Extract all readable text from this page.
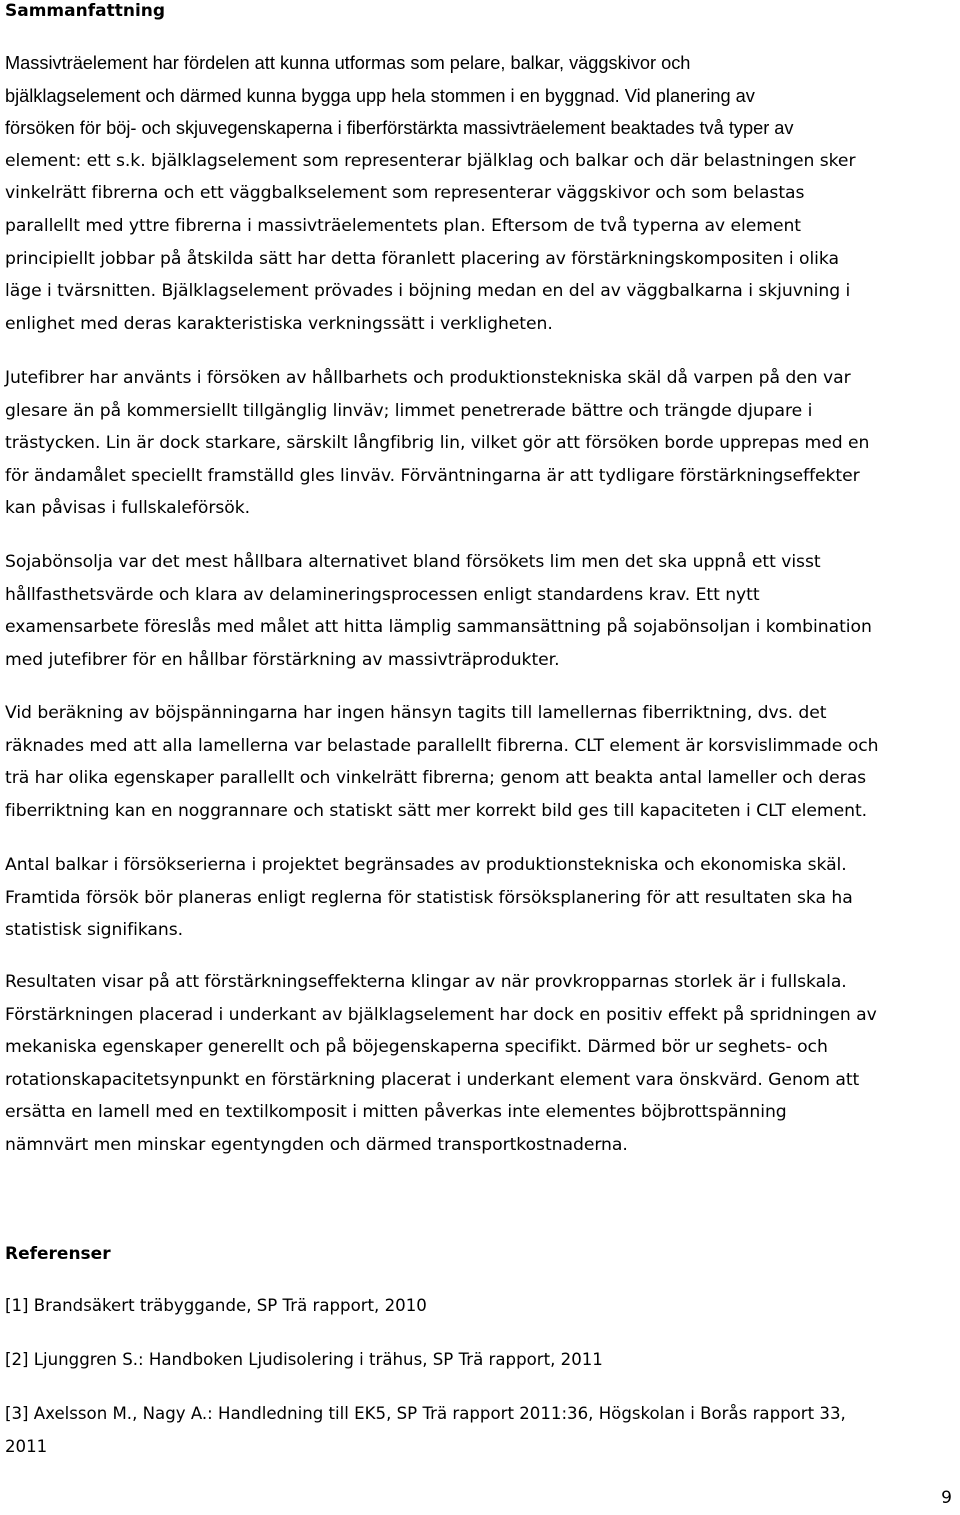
Sammanfattning

Massivträelement har fördelen att kunna utformas som pelare, balkar, väggskivor och
bjälklagselement och därmed kunna bygga upp hela stommen i en byggnad. Vid planering av
försöken för böj- och skjuvegenskaperna i fiberförstärkta massivträelement beaktades två typer av
element: ett s.k. bjälklagselement som representerar bjälklag och balkar och där belastningen sker
vinkelrätt fibrerna och ett väggbalkselement som representerar väggskivor och som belastas
parallellt med yttre fibrerna i massivträelementets plan. Eftersom de två typerna av element
principiellt jobbar på åtskilda sätt har detta föranlett placering av förstärkningskompositen i olika
läge i tvärsnitten. Bjälklagselement prövades i böjning medan en del av väggbalkarna i skjuvning i
enlighet med deras karakteristiska verkningssätt i verkligheten.

Jutefibrer har använts i försöken av hållbarhets och produktionstekniska skäl då varpen på den var
glesare än på kommersiellt tillgänglig linväv; limmet penetrerade bättre och trängde djupare i
trästycken. Lin är dock starkare, särskilt långfibrig lin, vilket gör att försöken borde upprepas med en
för ändamålet speciellt framställd gles linväv. Förväntningarna är att tydligare förstärkningseffekter
kan påvisas i fullskaleförsök.

Sojabönsolja var det mest hållbara alternativet bland försökets lim men det ska uppnå ett visst
hållfasthetsvärde och klara av delamineringsprocessen enligt standardens krav. Ett nytt
examensarbete föreslås med målet att hitta lämplig sammansättning på sojabönsoljan i kombination
med jutefibrer för en hållbar förstärkning av massivträprodukter.

Vid beräkning av böjspänningarna har ingen hänsyn tagits till lamellernas fiberriktning, dvs. det
räknades med att alla lamellerna var belastade parallellt fibrerna. CLT element är korsvislimmade och
trä har olika egenskaper parallellt och vinkelrätt fibrerna; genom att beakta antal lameller och deras
fiberriktning kan en noggrannare och statiskt sätt mer korrekt bild ges till kapaciteten i CLT element.

Antal balkar i försökserierna i projektet begränsades av produktionstekniska och ekonomiska skäl.
Framtida försök bör planeras enligt reglerna för statistisk försöksplanering för att resultaten ska ha
statistisk signifikans.

Resultaten visar på att förstärkningseffekterna klingar av när provkropparnas storlek är i fullskala.
Förstärkningen placerad i underkant av bjälklagselement har dock en positiv effekt på spridningen av
mekaniska egenskaper generellt och på böjegenskaperna specifikt. Därmed bör ur seghets- och
rotationskapacitetsynpunkt en förstärkning placerat i underkant element vara önskvärd. Genom att
ersätta en lamell med en textilkomposit i mitten påverkas inte elementes böjbrottspänning
nämnvärt men minskar egentyngden och därmed transportkostnaderna.

Referenser

[1] Brandsäkert träbyggande, SP Trä rapport, 2010

[2] Ljunggren S.: Handboken Ljudisolering i trähus, SP Trä rapport, 2011

[3] Axelsson M., Nagy A.: Handledning till EK5, SP Trä rapport 2011:36, Högskolan i Borås rapport 33,
2011
9
